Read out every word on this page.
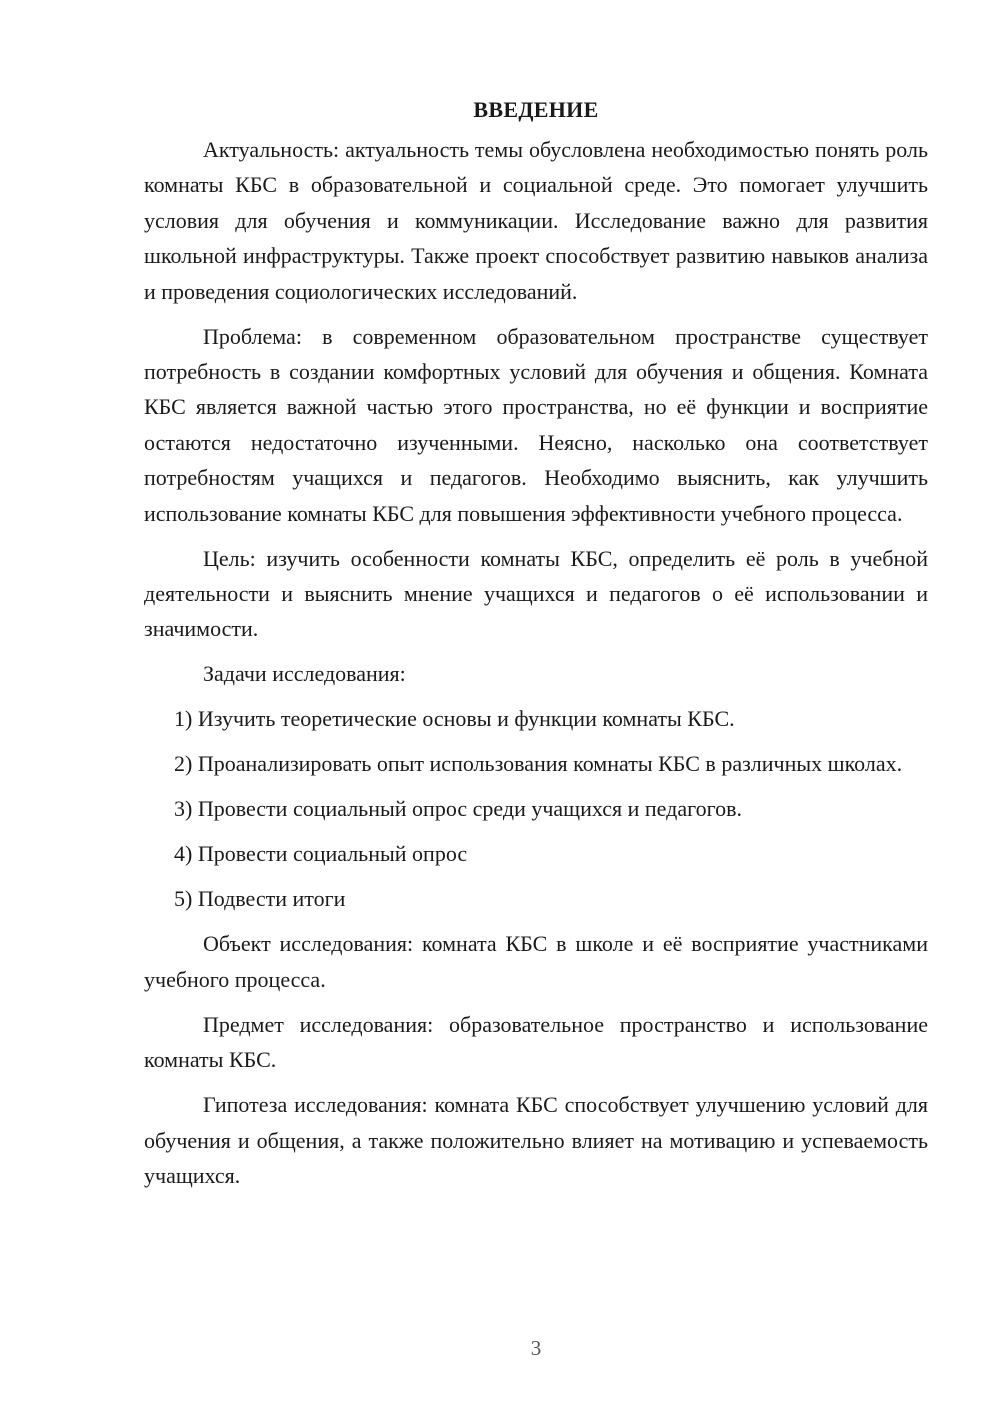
ВВЕДЕНИЕ

Актуальность: актуальность темы обусловлена необходимостью понять роль комнаты КБС в образовательной и социальной среде. Это помогает улучшить условия для обучения и коммуникации. Исследование важно для развития школьной инфраструктуры. Также проект способствует развитию навыков анализа и проведения социологических исследований.

Проблема: в современном образовательном пространстве существует потребность в создании комфортных условий для обучения и общения. Комната КБС является важной частью этого пространства, но её функции и восприятие остаются недостаточно изученными. Неясно, насколько она соответствует потребностям учащихся и педагогов. Необходимо выяснить, как улучшить использование комнаты КБС для повышения эффективности учебного процесса.

Цель: изучить особенности комнаты КБС, определить её роль в учебной деятельности и выяснить мнение учащихся и педагогов о её использовании и значимости.

Задачи исследования:

1) Изучить теоретические основы и функции комнаты КБС.

2) Проанализировать опыт использования комнаты КБС в различных школах.

3) Провести социальный опрос среди учащихся и педагогов.

4) Провести социальный опрос

5) Подвести итоги

Объект исследования: комната КБС в школе и её восприятие участниками учебного процесса.

Предмет исследования: образовательное пространство и использование комнаты КБС.

Гипотеза исследования: комната КБС способствует улучшению условий для обучения и общения, а также положительно влияет на мотивацию и успеваемость учащихся.

3
